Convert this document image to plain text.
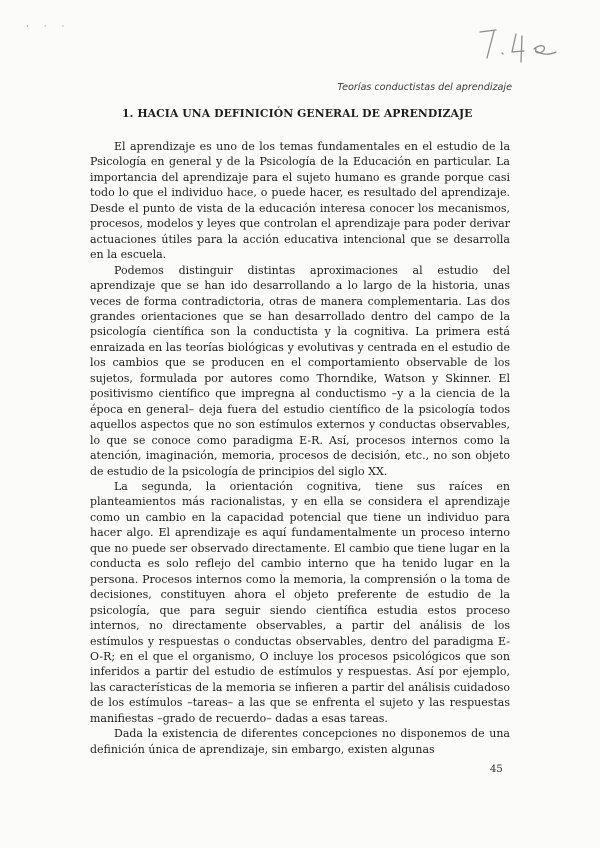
· · ·
Teorías conductistas del aprendizaje
1. HACIA UNA DEFINICIÓN GENERAL DE APRENDIZAJE

El aprendizaje es uno de los temas fundamentales en el estudio de la Psicología en general y de la Psicología de la Educación en particular. La importancia del aprendizaje para el sujeto humano es grande porque casi todo lo que el individuo hace, o puede hacer, es resultado del aprendizaje. Desde el punto de vista de la educación interesa conocer los mecanismos, procesos, modelos y leyes que controlan el aprendizaje para poder derivar actuaciones útiles para la acción educativa intencional que se desarrolla en la escuela.

Podemos distinguir distintas aproximaciones al estudio del aprendizaje que se han ido desarrollando a lo largo de la historia, unas veces de forma contradictoria, otras de manera complementaria. Las dos grandes orientaciones que se han desarrollado dentro del campo de la psicología científica son la conductista y la cognitiva. La primera está enraizada en las teorías biológicas y evolutivas y centrada en el estudio de los cambios que se producen en el comportamiento observable de los sujetos, formulada por autores como Thorndike, Watson y Skinner. El positivismo científico que impregna al conductismo –y a la ciencia de la época en general– deja fuera del estudio científico de la psicología todos aquellos aspectos que no son estímulos externos y conductas observables, lo que se conoce como paradigma E-R. Así, procesos internos como la atención, imaginación, memoria, procesos de decisión, etc., no son objeto de estudio de la psicología de principios del siglo XX.

La segunda, la orientación cognitiva, tiene sus raíces en planteamientos más racionalistas, y en ella se considera el aprendizaje como un cambio en la capacidad potencial que tiene un individuo para hacer algo. El aprendizaje es aquí fundamentalmente un proceso interno que no puede ser observado directamente. El cambio que tiene lugar en la conducta es solo reflejo del cambio interno que ha tenido lugar en la persona. Procesos internos como la memoria, la comprensión o la toma de decisiones, constituyen ahora el objeto preferente de estudio de la psicología, que para seguir siendo científica estudia estos proceso internos, no directamente observables, a partir del análisis de los estímulos y respuestas o conductas observables, dentro del paradigma E-O-R; en el que el organismo, O incluye los procesos psicológicos que son inferidos a partir del estudio de estímulos y respuestas. Así por ejemplo, las características de la memoria se infieren a partir del análisis cuidadoso de los estímulos –tareas– a las que se enfrenta el sujeto y las respuestas manifiestas –grado de recuerdo– dadas a esas tareas.

Dada la existencia de diferentes concepciones no disponemos de una definición única de aprendizaje, sin embargo, existen algunas

45
